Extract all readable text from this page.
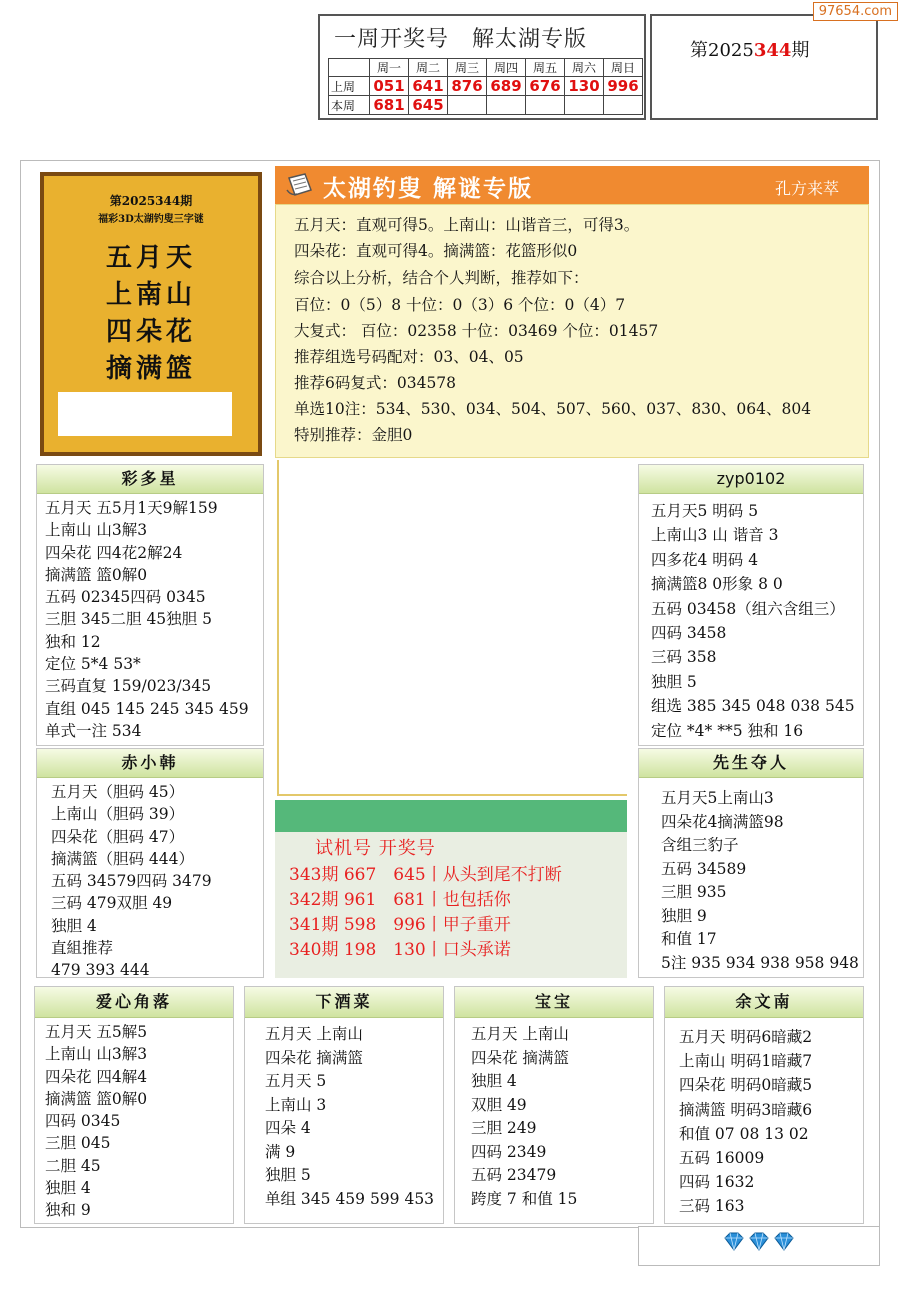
一周开奖号　解太湖专版
	周一	周二	周三	周四	周五	周六	周日
上周	051	641	876	689	676	130	996
本周	681	645					
第2025344期
97654.com
第2025344期
福彩3D太湖钓叟三字谜
五月天
上南山
四朵花
摘满篮
太湖钓叟 解谜专版	孔方来萃
五月天：直观可得5。上南山：山谐音三，可得3。
四朵花：直观可得4。摘满篮：花篮形似0
综合以上分析，结合个人判断，推荐如下：
百位：0（5）8 十位：0（3）6 个位：0（4）7
大复式： 百位：02358 十位：03469 个位：01457
推荐组选号码配对：03、04、05
推荐6码复式：034578
单选10注：534、530、034、504、507、560、037、830、064、804
特别推荐：金胆0
彩多星
五月天 五5月1天9解159
上南山 山3解3
四朵花 四4花2解24
摘满篮 篮0解0
五码 02345四码 0345
三胆 345二胆 45独胆 5
独和 12
定位 5*4 53*
三码直复 159/023/345
直组 045 145 245 345 459
单式一注 534
赤小韩
五月天（胆码 45）
上南山（胆码 39）
四朵花（胆码 47）
摘满篮（胆码 444）
五码 34579四码 3479
三码 479双胆 49
独胆 4
直組推荐
479 393 444
试机号 开奖号
343期 667　645丨从头到尾不打断
342期 961　681丨也包括你
341期 598　996丨甲子重开
340期 198　130丨口头承诺
zyp0102
五月天5 明码 5
上南山3 山 谐音 3
四多花4 明码 4
摘满篮8 0形象 8 0
五码 03458（组六含组三）
四码 3458
三码 358
独胆 5
组选 385 345 048 038 545
定位 *4* **5 独和 16
先生夺人
五月天5上南山3
四朵花4摘满篮98
含组三豹子
五码 34589
三胆 935
独胆 9
和值 17
5注 935 934 938 958 948
爱心角落
五月天 五5解5
上南山 山3解3
四朵花 四4解4
摘满篮 篮0解0
四码 0345
三胆 045
二胆 45
独胆 4
独和 9
下酒菜
五月天 上南山
四朵花 摘满篮
五月天 5
上南山 3
四朵 4
满 9
独胆 5
单组 345 459 599 453
宝宝
五月天 上南山
四朵花 摘满篮
独胆 4
双胆 49
三胆 249
四码 2349
五码 23479
跨度 7 和值 15
余文南
五月天 明码6暗藏2
上南山 明码1暗藏7
四朵花 明码0暗藏5
摘满篮 明码3暗藏6
和值 07 08 13 02
五码 16009
四码 1632
三码 163
